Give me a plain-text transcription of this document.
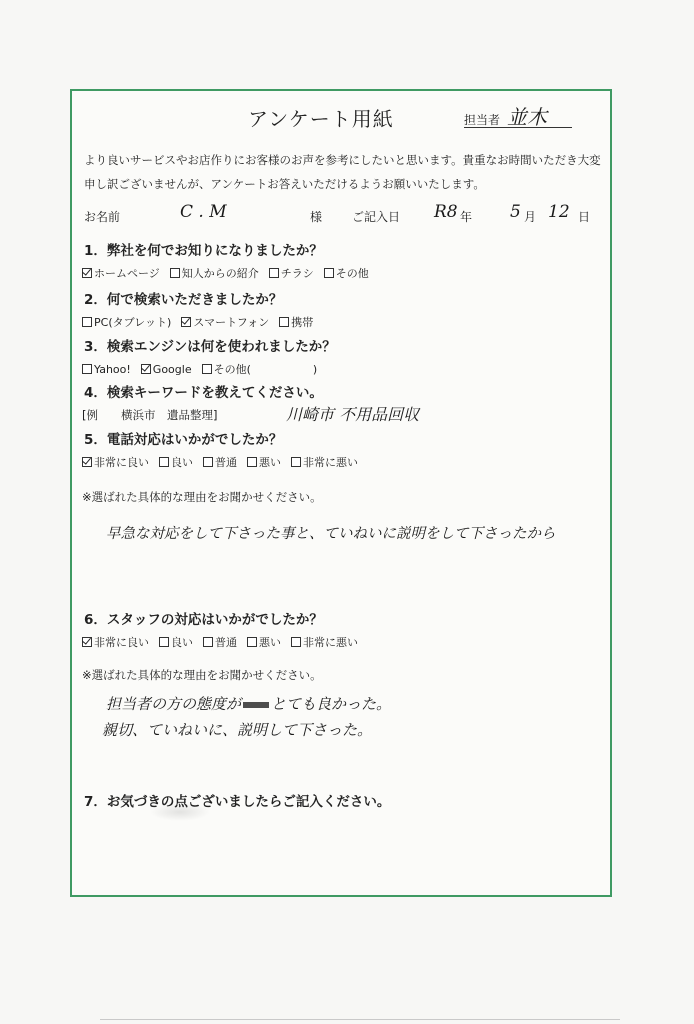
アンケート用紙	担当者 並木
より良いサービスやお店作りにお客様のお声を参考にしたいと思います。貴重なお時間いただき大変
申し訳ございませんが、アンケートお答えいただけるようお願いいたします。
お名前	C . M	様 ご記入日 R8 年 5 月 12 日
1．弊社を何でお知りになりましたか？
ホームページ 知人からの紹介 チラシ その他
2．何で検索いただきましたか？
PC(タブレット) スマートフォン 携帯
3．検索エンジンは何を使われましたか？
Yahoo! Google その他(	)
4．検索キーワードを教えてください。
[例　　横浜市　遺品整理]	川崎市 不用品回収
5．電話対応はいかがでしたか？
非常に良い 良い 普通 悪い 非常に悪い
※選ばれた具体的な理由をお聞かせください。
早急な対応をして下さった事と、ていねいに説明をして下さったから
6．スタッフの対応はいかがでしたか？
非常に良い 良い 普通 悪い 非常に悪い
※選ばれた具体的な理由をお聞かせください。
担当者の方の態度が とても良かった。
親切、ていねいに、説明して下さった。
7．お気づきの点ございましたらご記入ください。
